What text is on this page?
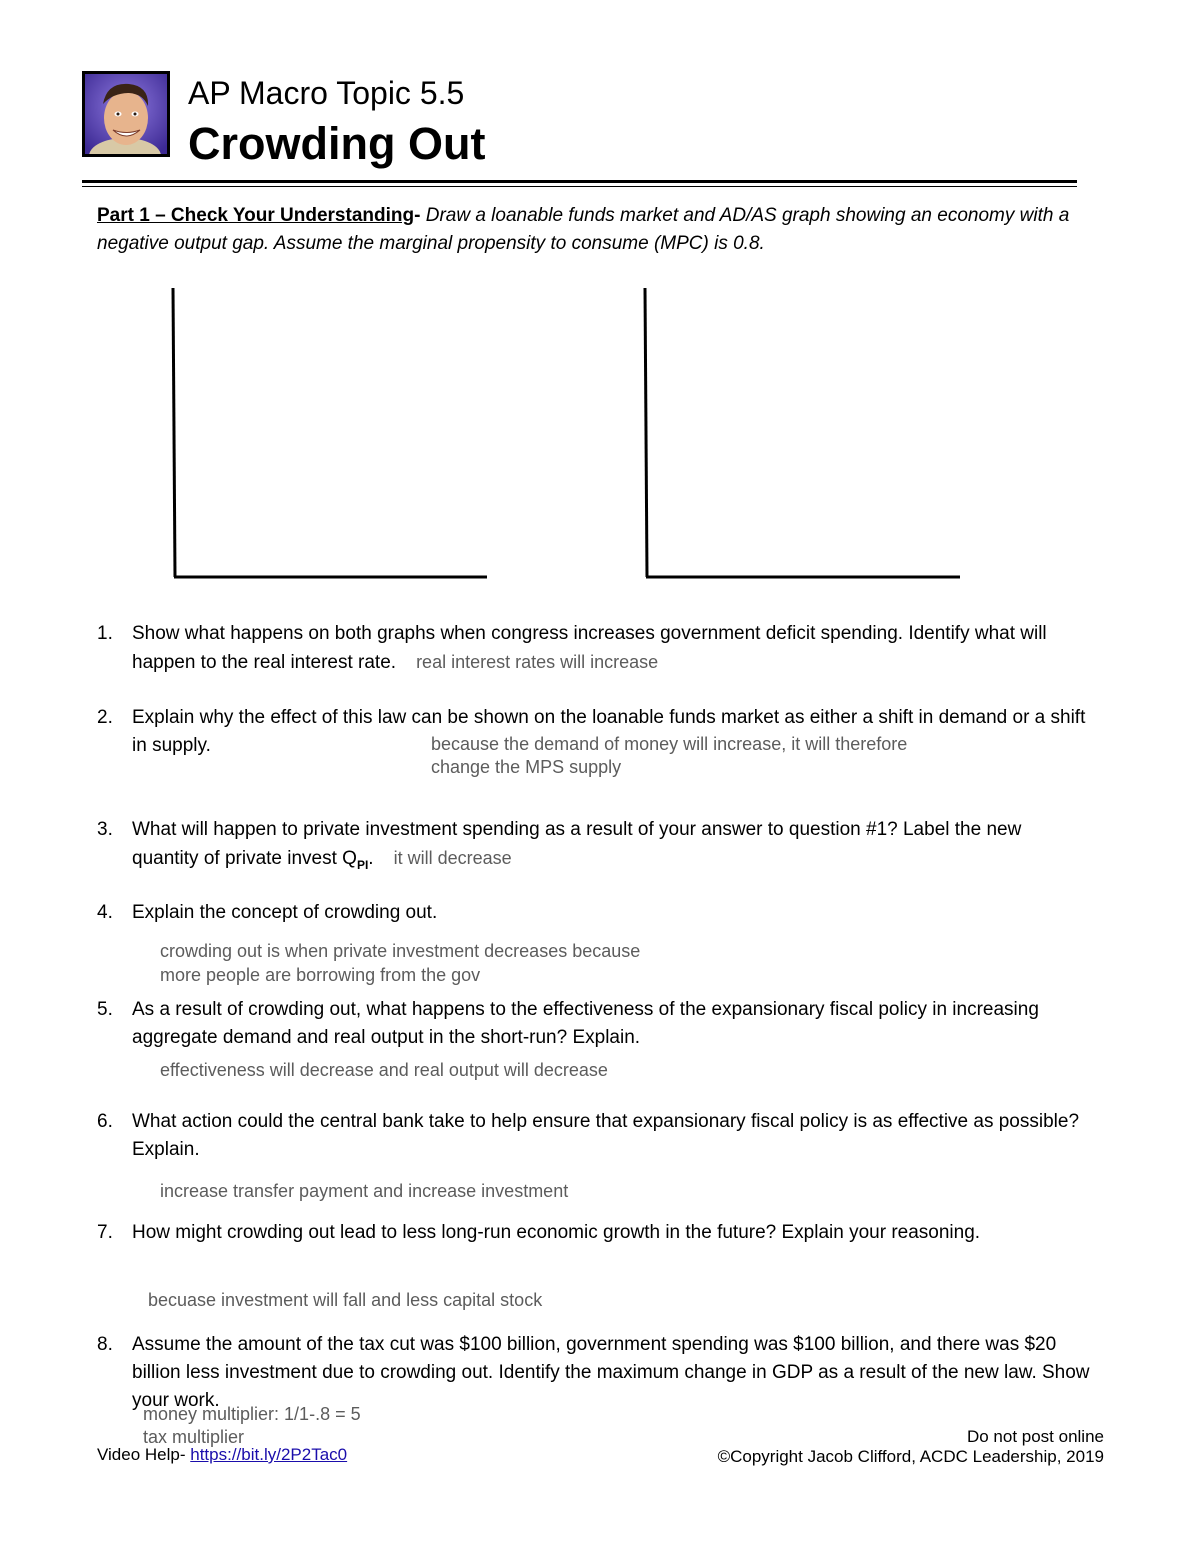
AP Macro Topic 5.5
Crowding Out
Part 1 – Check Your Understanding- Draw a loanable funds market and AD/AS graph showing an economy with a negative output gap. Assume the marginal propensity to consume (MPC) is 0.8.
1. Show what happens on both graphs when congress increases government deficit spending. Identify what will happen to the real interest rate. real interest rates will increase
2. Explain why the effect of this law can be shown on the loanable funds market as either a shift in demand or a shift in supply.	because the demand of money will increase, it will therefore
change the MPS supply
3. What will happen to private investment spending as a result of your answer to question #1? Label the new quantity of private invest $Q_{PI}$. it will decrease
4. Explain the concept of crowding out.
crowding out is when private investment decreases because
more people are borrowing from the gov
5. As a result of crowding out, what happens to the effectiveness of the expansionary fiscal policy in increasing aggregate demand and real output in the short-run? Explain.
effectiveness will decrease and real output will decrease
6. What action could the central bank take to help ensure that expansionary fiscal policy is as effective as possible? Explain.
increase transfer payment and increase investment
7. How might crowding out lead to less long-run economic growth in the future? Explain your reasoning.
becuase investment will fall and less capital stock
8. Assume the amount of the tax cut was $100 billion, government spending was $100 billion, and there was $20 billion less investment due to crowding out. Identify the maximum change in GDP as a result of the new law. Show your work.
money multiplier: 1/1-.8 = 5
tax multiplier
Video Help- https://bit.ly/2P2Tac0
Do not post online
©Copyright Jacob Clifford, ACDC Leadership, 2019
